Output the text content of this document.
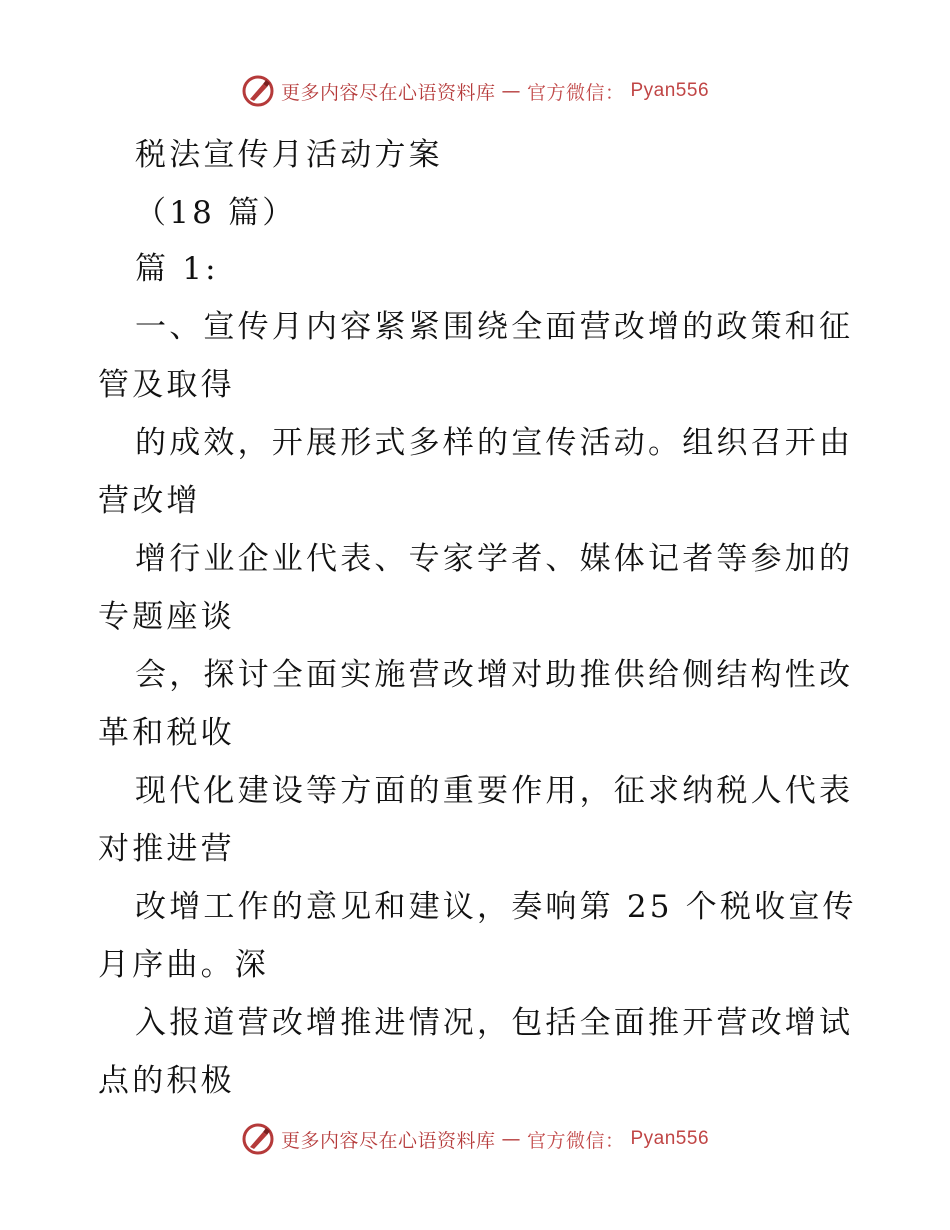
更多内容尽在心语资料库 — 官方微信： Pyan556
税法宣传月活动方案
（18 篇）
篇 1:
一、宣传月内容紧紧围绕全面营改增的政策和征
管及取得
的成效，开展形式多样的宣传活动。组织召开由
营改增
增行业企业代表、专家学者、媒体记者等参加的
专题座谈
会，探讨全面实施营改增对助推供给侧结构性改
革和税收
现代化建设等方面的重要作用，征求纳税人代表
对推进营
改增工作的意见和建议，奏响第 25 个税收宣传
月序曲。深
入报道营改增推进情况，包括全面推开营改增试
点的积极
更多内容尽在心语资料库 — 官方微信： Pyan556
